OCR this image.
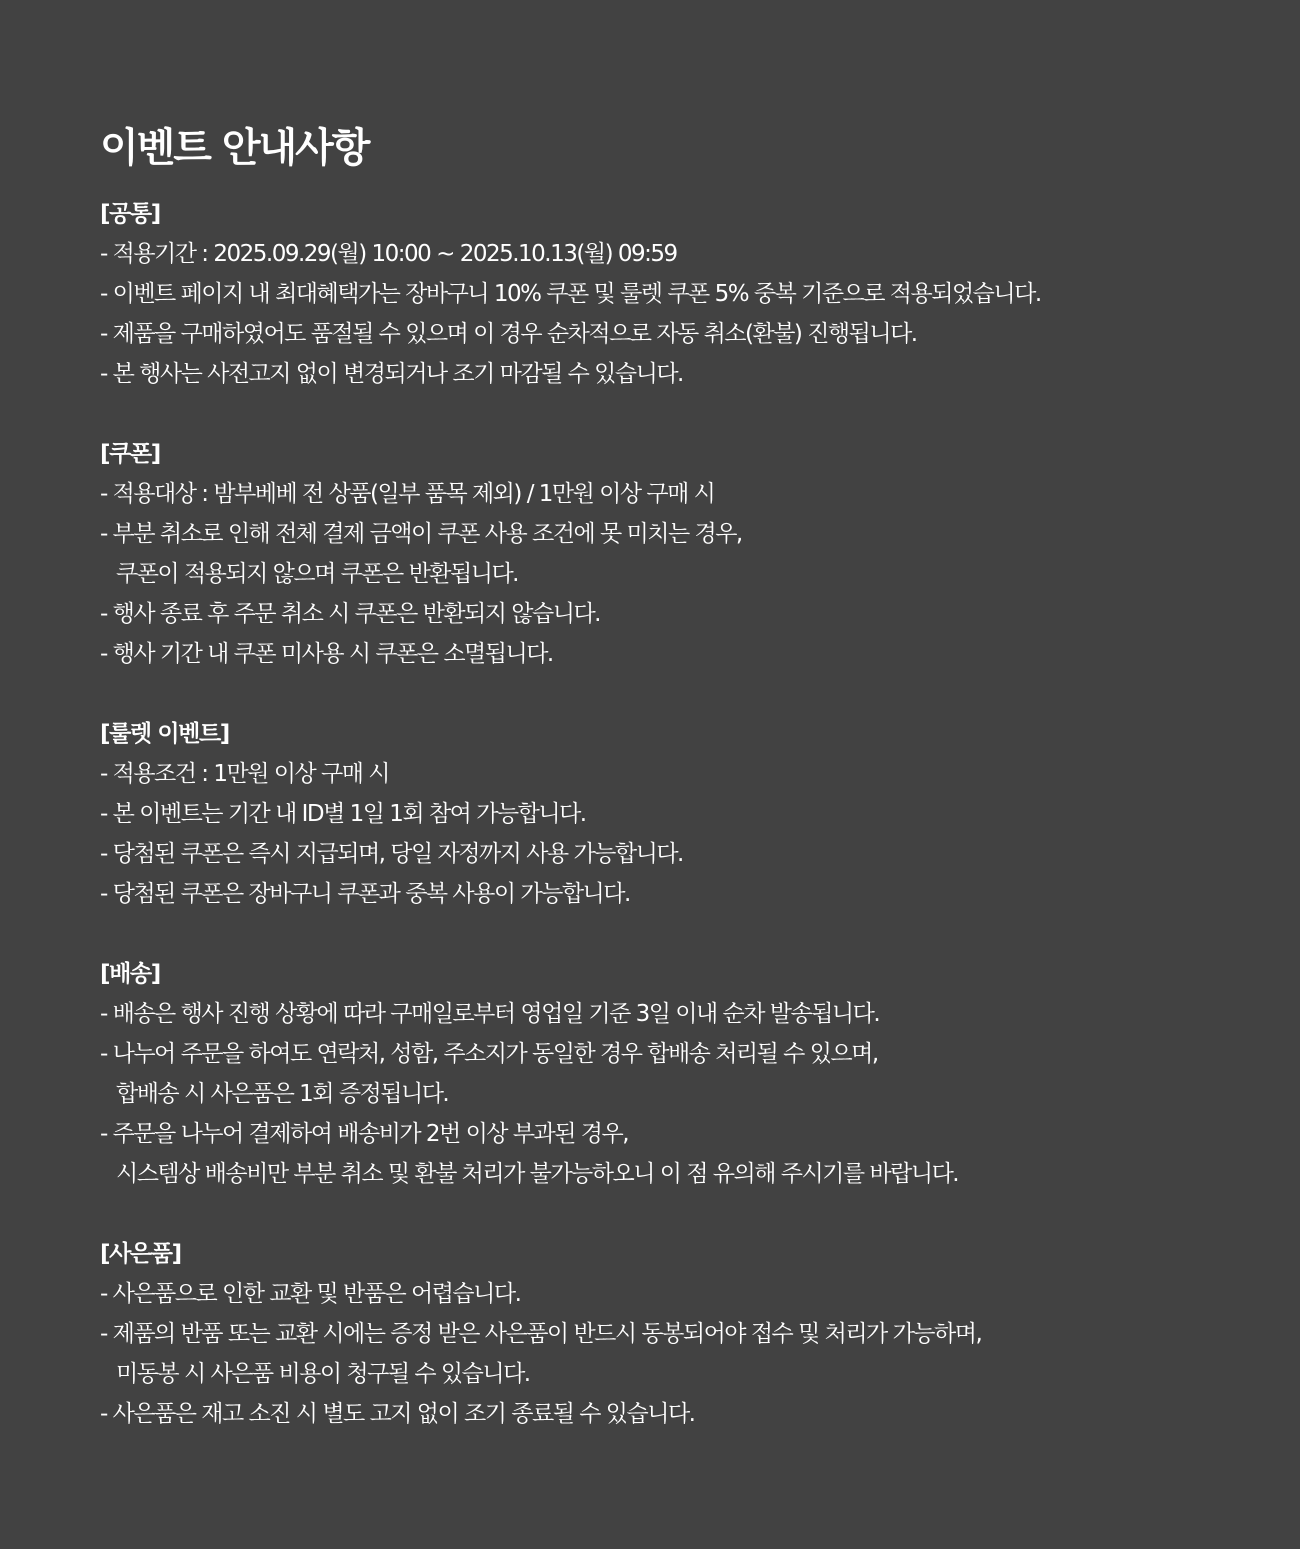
이벤트 안내사항
[공통]
- 적용기간 : 2025.09.29(월) 10:00 ~ 2025.10.13(월) 09:59
- 이벤트 페이지 내 최대혜택가는 장바구니 10% 쿠폰 및 룰렛 쿠폰 5% 중복 기준으로 적용되었습니다.
- 제품을 구매하였어도 품절될 수 있으며 이 경우 순차적으로 자동 취소(환불) 진행됩니다.
- 본 행사는 사전고지 없이 변경되거나 조기 마감될 수 있습니다.
[쿠폰]
- 적용대상 : 밤부베베 전 상품(일부 품목 제외) / 1만원 이상 구매 시
- 부분 취소로 인해 전체 결제 금액이 쿠폰 사용 조건에 못 미치는 경우,
쿠폰이 적용되지 않으며 쿠폰은 반환됩니다.
- 행사 종료 후 주문 취소 시 쿠폰은 반환되지 않습니다.
- 행사 기간 내 쿠폰 미사용 시 쿠폰은 소멸됩니다.
[룰렛 이벤트]
- 적용조건 : 1만원 이상 구매 시
- 본 이벤트는 기간 내 ID별 1일 1회 참여 가능합니다.
- 당첨된 쿠폰은 즉시 지급되며, 당일 자정까지 사용 가능합니다.
- 당첨된 쿠폰은 장바구니 쿠폰과 중복 사용이 가능합니다.
[배송]
- 배송은 행사 진행 상황에 따라 구매일로부터 영업일 기준 3일 이내 순차 발송됩니다.
- 나누어 주문을 하여도 연락처, 성함, 주소지가 동일한 경우 합배송 처리될 수 있으며,
합배송 시 사은품은 1회 증정됩니다.
- 주문을 나누어 결제하여 배송비가 2번 이상 부과된 경우,
시스템상 배송비만 부분 취소 및 환불 처리가 불가능하오니 이 점 유의해 주시기를 바랍니다.
[사은품]
- 사은품으로 인한 교환 및 반품은 어렵습니다.
- 제품의 반품 또는 교환 시에는 증정 받은 사은품이 반드시 동봉되어야 접수 및 처리가 가능하며,
미동봉 시 사은품 비용이 청구될 수 있습니다.
- 사은품은 재고 소진 시 별도 고지 없이 조기 종료될 수 있습니다.
